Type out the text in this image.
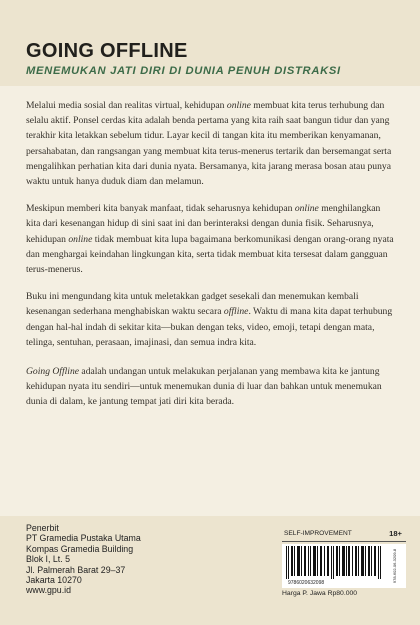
GOING OFFLINE
MENEMUKAN JATI DIRI DI DUNIA PENUH DISTRAKSI

Melalui media sosial dan realitas virtual, kehidupan online membuat kita terus terhubung dan selalu aktif. Ponsel cerdas kita adalah benda pertama yang kita raih saat bangun tidur dan yang terakhir kita letakkan sebelum tidur. Layar kecil di tangan kita itu memberikan kenyamanan, persahabatan, dan rangsangan yang membuat kita terus-menerus tertarik dan bersemangat serta mengalihkan perhatian kita dari dunia nyata. Bersamanya, kita jarang merasa bosan atau punya waktu untuk hanya duduk diam dan melamun.

Meskipun memberi kita banyak manfaat, tidak seharusnya kehidupan online menghilangkan kita dari kesenangan hidup di sini saat ini dan berinteraksi dengan dunia fisik. Seharusnya, kehidupan online tidak membuat kita lupa bagaimana berkomunikasi dengan orang-orang nyata dan menghargai keindahan lingkungan kita, serta tidak membuat kita tersesat dalam gangguan terus-menerus.

Buku ini mengundang kita untuk meletakkan gadget sesekali dan menemukan kembali kesenangan sederhana menghabiskan waktu secara offline. Waktu di mana kita dapat terhubung dengan hal-hal indah di sekitar kita—bukan dengan teks, video, emoji, tetapi dengan mata, telinga, sentuhan, perasaan, imajinasi, dan semua indra kita.

Going Offline adalah undangan untuk melakukan perjalanan yang membawa kita ke jantung kehidupan nyata itu sendiri—untuk menemukan dunia di luar dan bahkan untuk menemukan dunia di dalam, ke jantung tempat jati diri kita berada.

SELF-IMPROVEMENT	18+
9786020632098	978-602-06-3209-8
Harga P. Jawa Rp80.000
Penerbit
PT Gramedia Pustaka Utama
Kompas Gramedia Building
Blok I, Lt. 5
Jl. Palmerah Barat 29–37
Jakarta 10270
www.gpu.id
